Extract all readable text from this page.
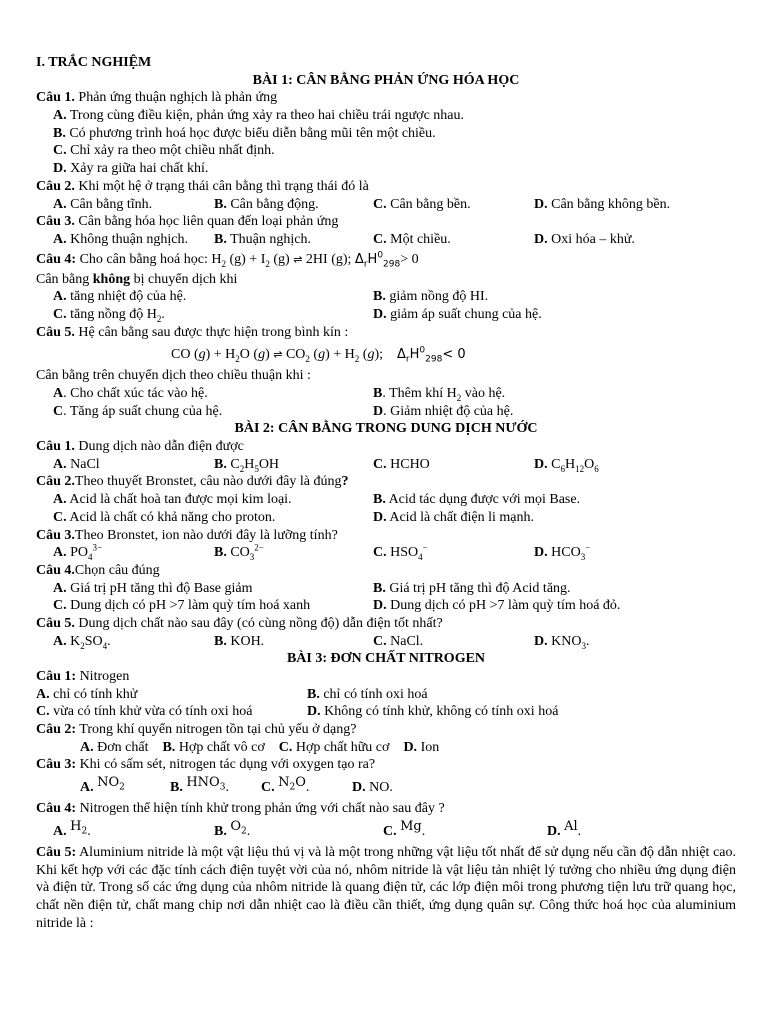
I. TRẮC NGHIỆM
BÀI 1: CÂN BẰNG PHẢN ỨNG HÓA HỌC
Câu 1. Phản ứng thuận nghịch là phản ứng
A. Trong cùng điều kiện, phản ứng xảy ra theo hai chiều trái ngược nhau.
B. Có phương trình hoá học được biểu diễn bằng mũi tên một chiều.
C. Chỉ xảy ra theo một chiều nhất định.
D. Xảy ra giữa hai chất khí.
Câu 2. Khi một hệ ở trạng thái cân bằng thì trạng thái đó là
A. Cân bằng tĩnh.	B. Cân bằng động.	C. Cân bằng bền.	D. Cân bằng không bền.
Câu 3. Cân bằng hóa học liên quan đến loại phản ứng
A. Không thuận nghịch. B. Thuận nghịch.	C. Một chiều.	D. Oxi hóa – khử.
Câu 4: Cho cân bằng hoá học: $H_2$ $(g) + I_2$ (g) ⇌ 2HI (g); $\Delta_rH^0_{298}> 0$
Cân bằng không bị chuyển dịch khi
A. tăng nhiệt độ của hệ.	B. giảm nồng độ HI.
C. tăng nồng độ $H_2$.	D. giảm áp suất chung của hệ.
Câu 5. Hệ cân bằng sau được thực hiện trong bình kín :
CO $(g) + H_2O$ (g) ⇌ $CO_2$ $(g) + H_2$ (g); $\Delta_rH^0_{298}< 0$
Cân bằng trên chuyển dịch theo chiều thuận khi :
A. Cho chất xúc tác vào hệ.	B. Thêm khí $H_2$ vào hệ.
C. Tăng áp suất chung của hệ.	D. Giảm nhiệt độ của hệ.
BÀI 2: CÂN BẰNG TRONG DUNG DỊCH NƯỚC
Câu 1. Dung dịch nào dẫn điện được
A. NaCl	B. $C_2H_5OH$	C. HCHO	D. $C_6H_{12}O_6$
Câu 2.Theo thuyết Bronstet, câu nào dưới đây là đúng?
A. Acid là chất hoà tan được mọi kim loại.	B. Acid tác dụng được với mọi Base.
C. Acid là chất có khả năng cho proton.	D. Acid là chất điện li mạnh.
Câu 3.Theo Bronstet, ion nào dưới đây là lưỡng tính?
A. $PO_4^{3-}$	B. $CO_3^{2-}$	C. $HSO_4^-$	D. $HCO_3^-$
Câu 4.Chọn câu đúng
A. Giá trị pH tăng thì độ Base giảm	B. Giá trị pH tăng thì độ Acid tăng.
C. Dung dịch có pH >7 làm quỳ tím hoá xanh	D. Dung dịch có pH >7 làm quỳ tím hoá đỏ.
Câu 5. Dung dịch chất nào sau đây (có cùng nồng độ) dẫn điện tốt nhất?
A. $K_2SO_4$.	B. KOH.	C. NaCl.	D. $KNO_3$.
BÀI 3: ĐƠN CHẤT NITROGEN
Câu 1: Nitrogen
A. chỉ có tính khử	B. chỉ có tính oxi hoá
C. vừa có tính khử vừa có tính oxi hoá	D. Không có tính khử, không có tính oxi hoá
Câu 2: Trong khí quyển nitrogen tồn tại chủ yếu ở dạng?
A. Đơn chất B. Hợp chất vô cơ C. Hợp chất hữu cơ D. Ion
Câu 3: Khi có sấm sét, nitrogen tác dụng với oxygen tạo ra?
A. $NO_2$	B. $HNO_3$. C. $N_2O$.	D. NO.
Câu 4: Nitrogen thể hiện tính khử trong phản ứng với chất nào sau đây ?
A. $H_2$.	B. $O_2$.	C. Mg.	D. Al.
Câu 5: Aluminium nitride là một vật liệu thú vị và là một trong những vật liệu tốt nhất để sử dụng nếu cần độ dẫn nhiệt cao. Khi kết hợp với các đặc tính cách điện tuyệt vời của nó, nhôm nitride là vật liệu tản nhiệt lý tưởng cho nhiều ứng dụng điện và điện tử. Trong số các ứng dụng của nhôm nitride là quang điện tử, các lớp điện môi trong phương tiện lưu trữ quang học, chất nền điện tử, chất mang chip nơi dẫn nhiệt cao là điều cần thiết, ứng dụng quân sự. Công thức hoá học của aluminium nitride là :
